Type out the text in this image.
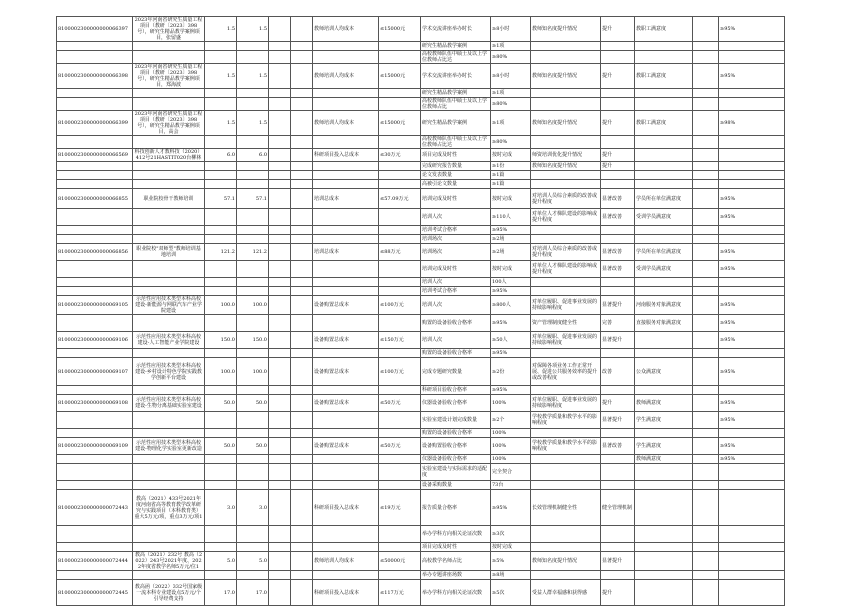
8100002300000000066397	2023年河南省研究生质量工程项目（教研〔2023〕398号），研究生精品教学案例项目，张留盛	1.5	1.5			教师培训人均成本	≤15000元	学术交流讲座举办时长	≥8小时	教师知名度提升情况	提升	教职工满意度		≥95%
								研究生精品教学案例	≥1项					
								高校教师队伍中硕士及以上学位教师占比达	≥80%					
8100002300000000066398	2023年河南省研究生质量工程项目（教研〔2023〕398号），研究生精品教学案例项目，郑海波	1.5	1.5			教师培训人均成本	≤15000元	学术交流讲座举办时长	≥8小时	教师知名度提升情况	提升	教职工满意度		≥95%
								研究生精品教学案例	≥1项					
								高校教师队伍中硕士及以上学位教师占比	≥80%					
8100002300000000066399	2023年河南省研究生质量工程项目（教研〔2023〕398号），研究生精品教学案例项目，高会	1.5	1.5			教师培训人均成本	≤15000元	研究生精品教学案例	≥1项	教师知名度提升情况	提升	教职工满意度		≥98%
								高校教师队伍中硕士及以上学位教师占比达	≥80%					
8100002300000000066569	科技创新人才教科技（2020）412号21HASTIT020台柳林	6.0	6.0			科研项目投入总成本	≤30万元	项目完成及时性	按时完成	师资培训优化提升情况	提升			
								完成研究报告数量	≥1份	教师知名度提升情况	提升			
								论文发表数量	≥1篇					
								高被引论文数量	≥1篇					
8100002300000000066855	职业院校骨干教师培训	57.1	57.1			培训总成本	≤57.09万元	培训完成及时性	按时完成	对培训人员综合素质的改善或提升程度	显著改善	学员所在单位满意度		≥95%
								培训人次	≥110人	对单位人才梯队建设的影响或提升程度	显著改善	受训学员满意度		≥95%
								培训考试合格率	≥95%					
								培训场次	≥2场					
8100002300000000066856	职业院校"双师型"教师培训基地培训	121.2	121.2			培训总成本	≤88万元	培训场次	≥2场	对培训人员综合素质的改善或提升程度	显著改善	学员所在单位满意度		≥95%
								培训完成及时性	按时完成	对单位人才梯队建设的影响或提升程度	显著改善	受训学员满意度		≥95%
								培训人次	100人					
								培训考试合格率	≥95%					
8100002300000000069105	示范性应用技术类型本科高校建设-新能源与网联汽车产业学院建设	100.0	100.0			设备购置总成本	≤100万元	培训人次	≥800人	对单位履职、促进事业发展的持续影响程度	显著提升	河南服务对象满意度		≥95%
								购置的设备验收合格率	≥95%	资产管理制度健全性	完善	直接服务对象满意度		≥95%
8100002300000000069106	示范性应用技术类型本科高校建设-人工智能产业学院建设	150.0	150.0			设备购置总成本	≤150万元	培训人次	≥50人	对单位履职、促进事业发展的持续影响程度	显著提升			≥95%
								购置的设备验收合格率	≥95%					
8100002300000000069107	示范性应用技术类型本科高校建设-乡村设计特色学院实践教学创新平台建设	100.0	100.0			设备购置总成本	≤100万元	完成专题研究数量	≥2份	对保障各项业务工作正常开展、促进公共服务效率的提升或改善程度	改善	公众满意度		≥95%
								科研项目验收合格率	≥95%					
8100002300000000069108	示范性应用技术类型本科高校建设-生物分离基础实验室建设	50.0	50.0			设备购置总成本	≤50万元	仪器设备验收合格率	100%	对单位履职、促进事业发展的持续影响程度	提升	教师满意度		≥95%
								实验室建设计划完成数量	≥2个	学校教学质量和教学水平的影响程度	显著提升	学生满意度		≥95%
								购置的设备验收合格率	100%					
8100002300000000069109	示范性应用技术类型本科高校建设-物理化学实验室更新改造	50.0	50.0			设备购置总成本	≤50万元	设备购置验收合格率	100%	学校教学质量和教学水平的影响程度	显著改善	学生满意度		≥95%
								仪器设备验收合格率	100%			教师满意度		≥95%
								实验室建设与实际需求的适配度	完全契合					
								设备采购数量	73台					
8100002300000000072443	教高（2021）433号2021年度河南省高等教育教学改革研究与实践项目（本科教育类）重大5万元/项，重点3万元/项1	3.0	3.0			科研项目投入总成本	≤19万元	报告质量合格率	≥95%	长效管理机制健全性	健全管理机制			
								举办学科方向相关论证次数	≥3次					
								项目完成及时性	按时完成					
8100002300000000072444	教高（2021）232号 教高（2022）243号2021年度、2022年度省教学名师5万元/位1	5.0	5.0			教师培训人均成本	≤50000元	高校教学名师占比	≥5%	教师知名度提升情况	显著提升			
								举办专题讲座场数	≥8场					
8100002300000000072445	教高函（2022）332号国家级一流本科专业建设点5万元/个引导经费支持	17.0	17.0			科研项目投入总成本	≤117万元	举办学科方向相关论证次数	≥5次	受益人群幸福感和获得感	提升			
